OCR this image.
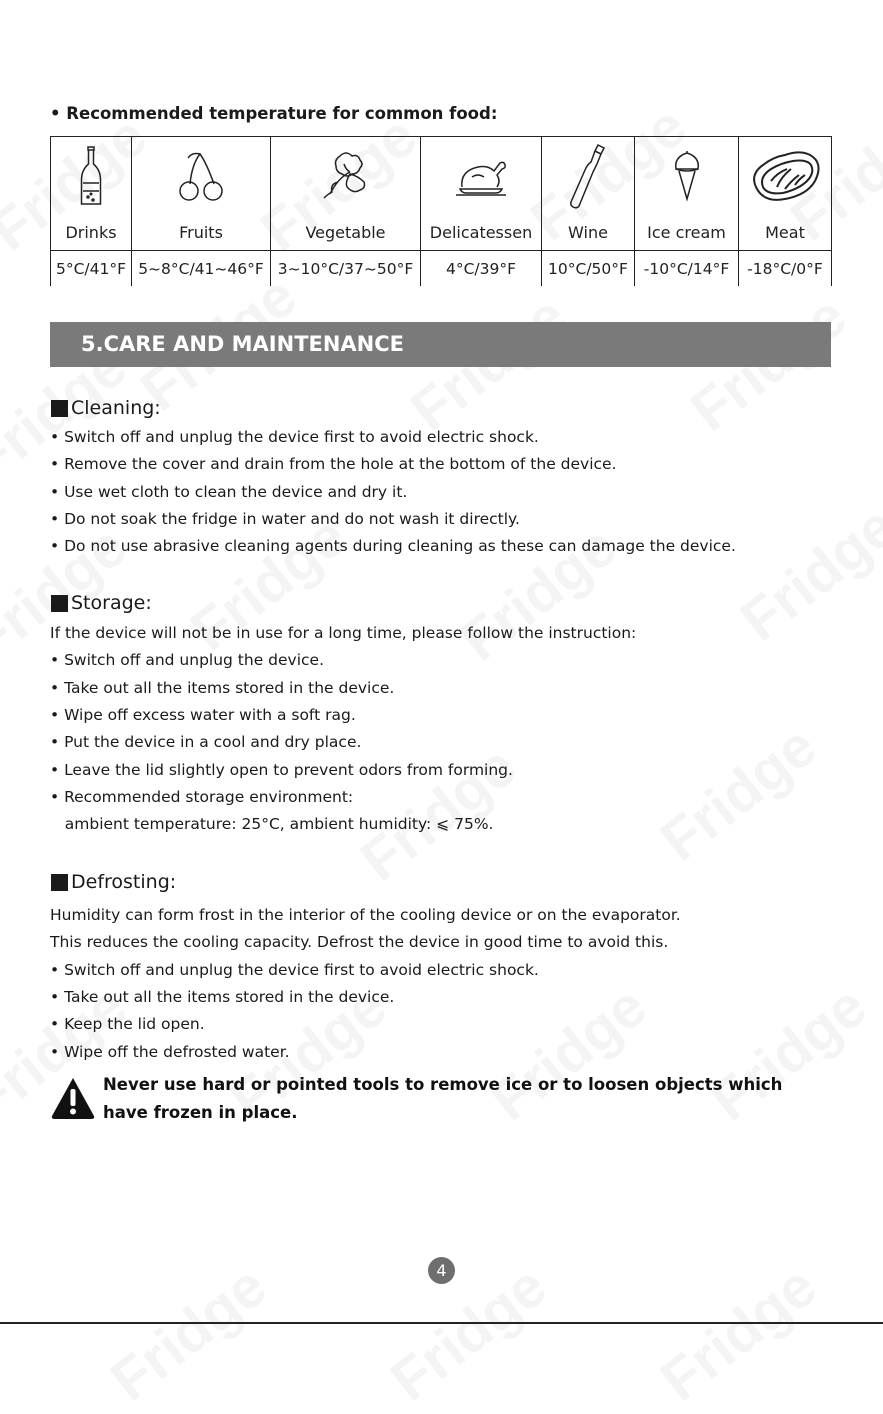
• Recommended temperature for common food:

Drinks	Fruits	Vegetable	Delicatessen	Wine	Ice cream	Meat
5°C/41°F	5~8°C/41~46°F	3~10°C/37~50°F	4°C/39°F	10°C/50°F	-10°C/14°F	-18°C/0°F
5.CARE AND MAINTENANCE
Cleaning:
• Switch off and unplug the device first to avoid electric shock.
• Remove the cover and drain from the hole at the bottom of the device.
• Use wet cloth to clean the device and dry it.
• Do not soak the fridge in water and do not wash it directly.
• Do not use abrasive cleaning agents during cleaning as these can damage the device.
Storage:
If the device will not be in use for a long time, please follow the instruction:
• Switch off and unplug the device.
• Take out all the items stored in the device.
• Wipe off excess water with a soft rag.
• Put the device in a cool and dry place.
• Leave the lid slightly open to prevent odors from forming.
• Recommended storage environment:
ambient temperature: 25°C, ambient humidity: ⩽ 75%.
Defrosting:
Humidity can form frost in the interior of the cooling device or on the evaporator.
This reduces the cooling capacity. Defrost the device in good time to avoid this.
• Switch off and unplug the device first to avoid electric shock.
• Take out all the items stored in the device.
• Keep the lid open.
• Wipe off the defrosted water.
Never use hard or pointed tools to remove ice or to loosen objects which
have frozen in place.
4
